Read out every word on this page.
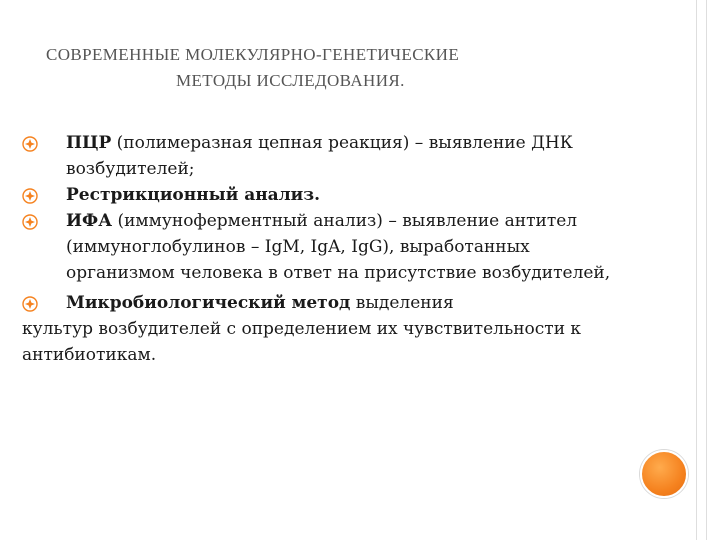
СОВРЕМЕННЫЕ МОЛЕКУЛЯРНО-ГЕНЕТИЧЕСКИЕ
МЕТОДЫ ИССЛЕДОВАНИЯ.
ПЦР (полимеразная цепная реакция) – выявление ДНК возбудителей;
Рестрикционный анализ.
ИФА (иммуноферментный анализ) – выявление антител (иммуноглобулинов – IgM, IgA, IgG), выработанных организмом человека в ответ на присутствие возбудителей,
Микробиологический метод выделения
культур возбудителей с определением их чувствительности к антибиотикам.
